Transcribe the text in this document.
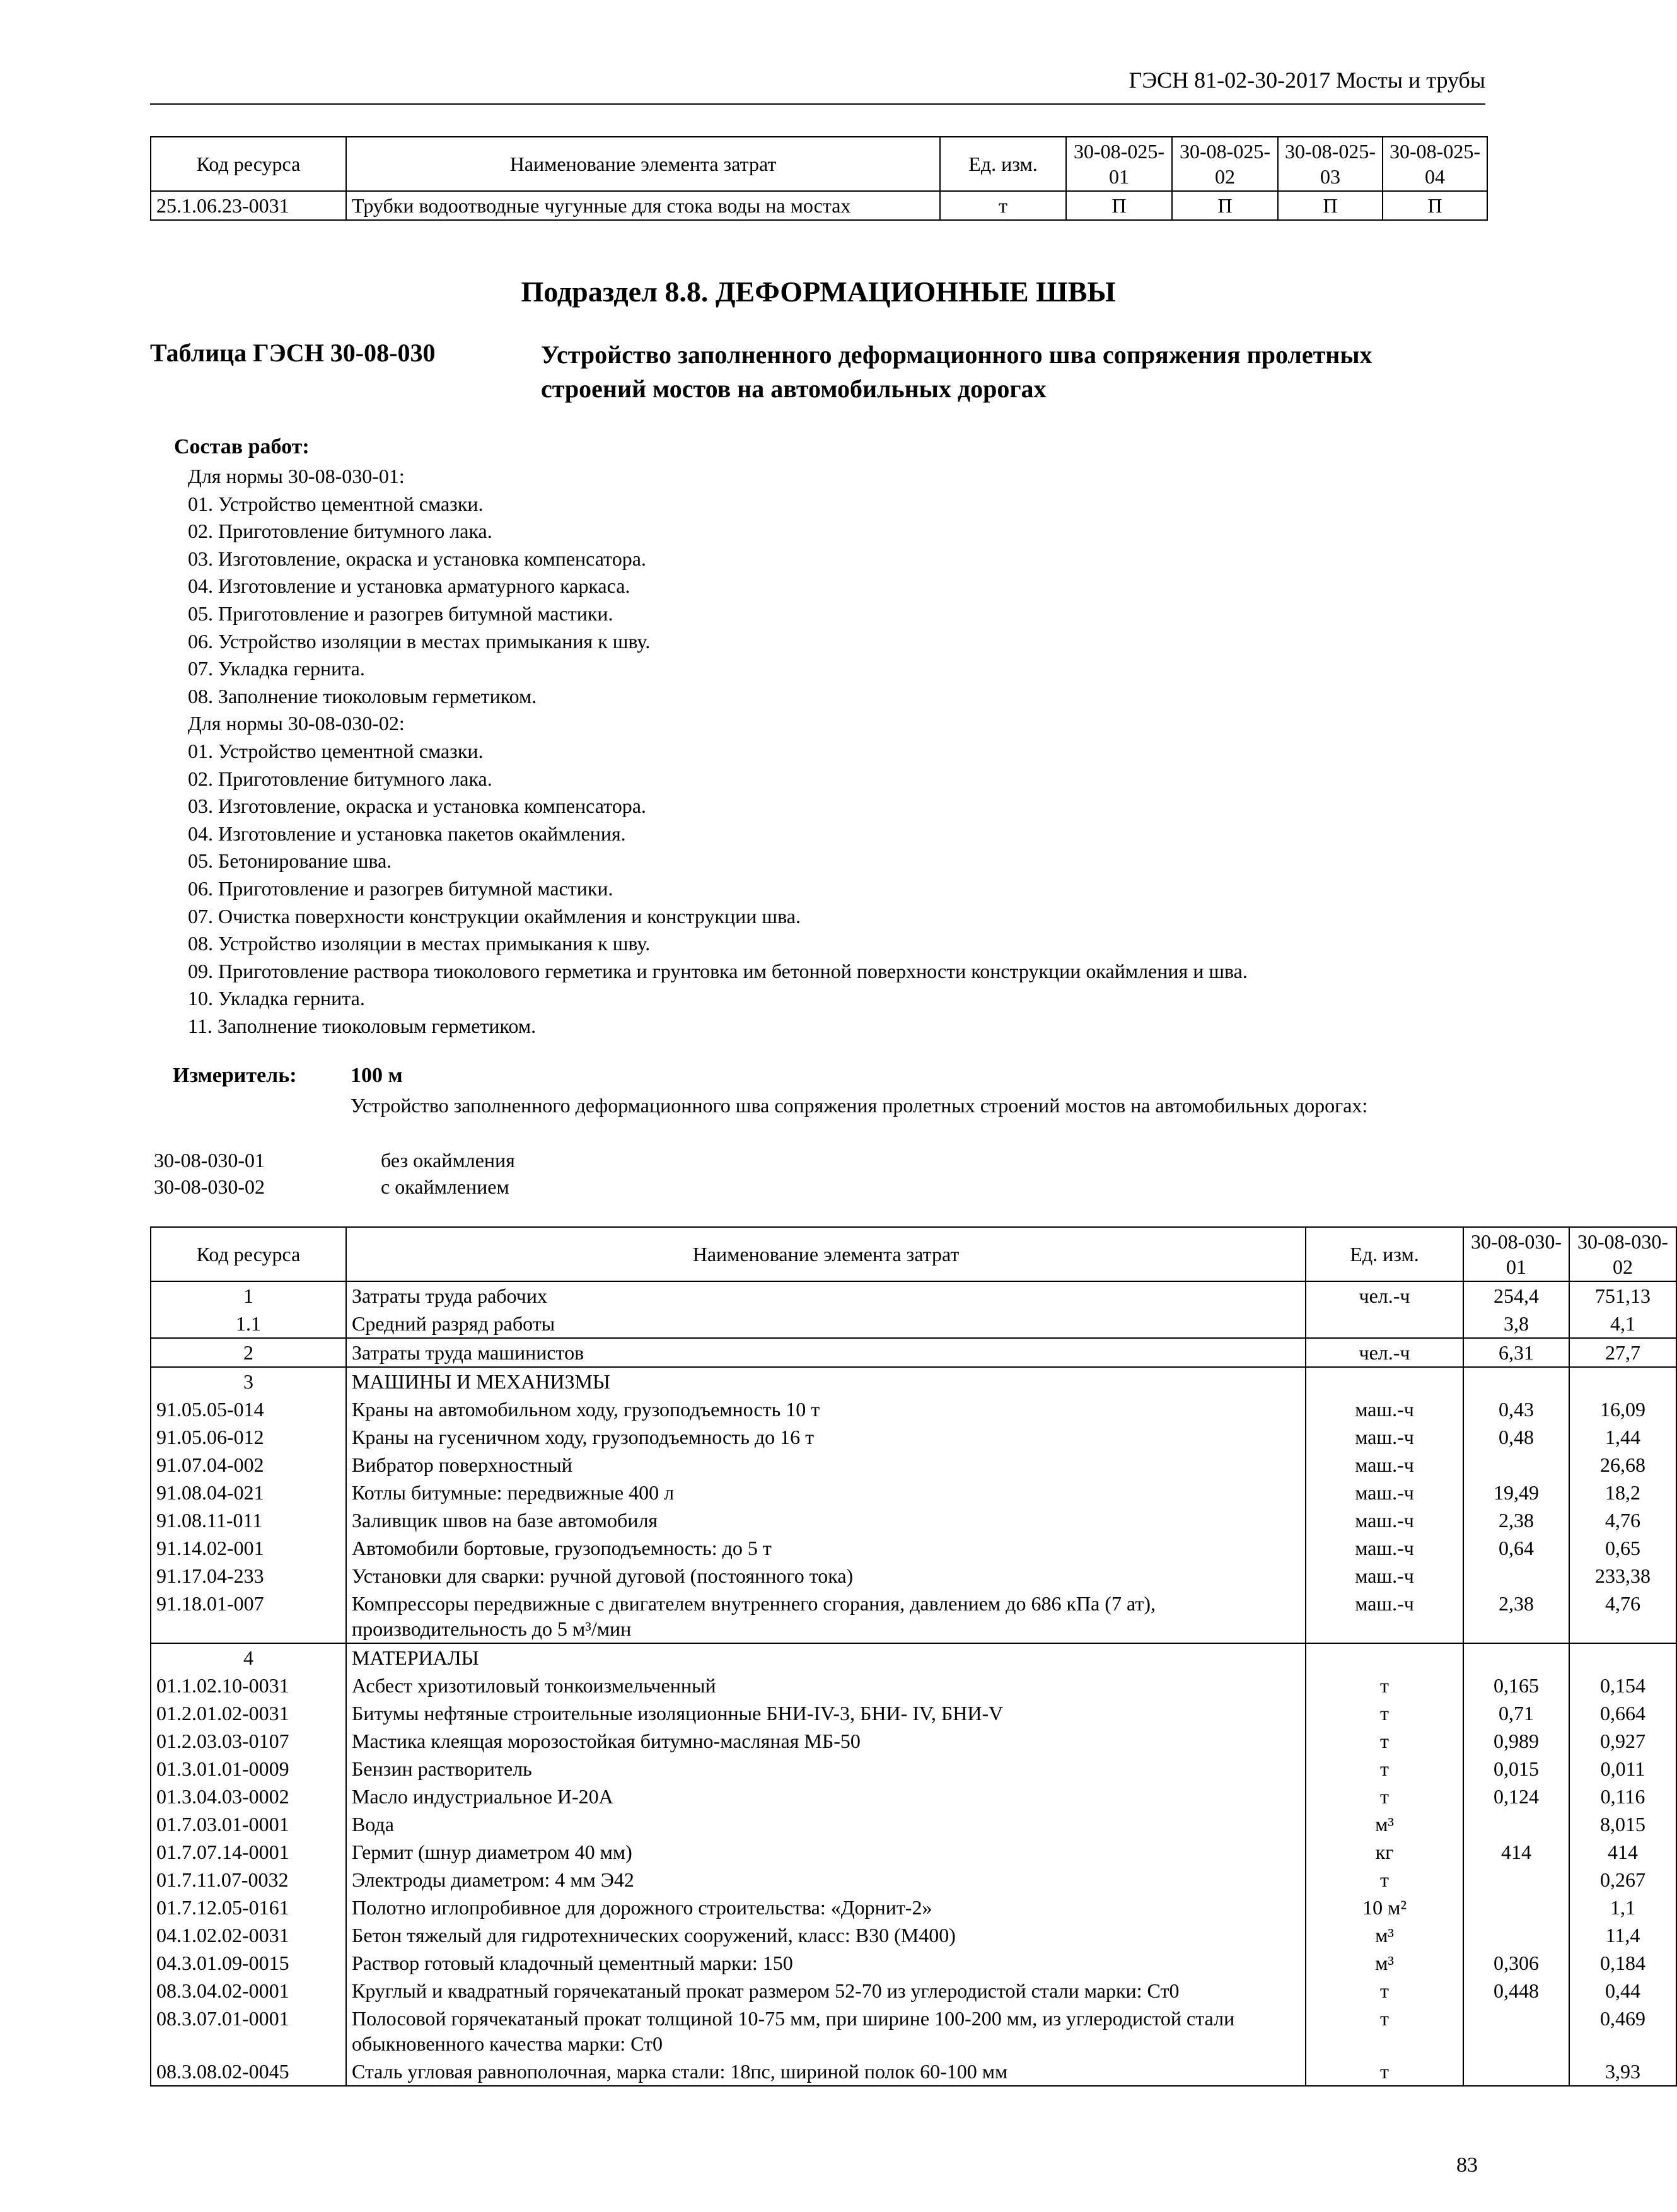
ГЭСН 81-02-30-2017 Мосты и трубы
Код ресурса	Наименование элемента затрат	Ед. изм.	30-08-025-01	30-08-025-02	30-08-025-03	30-08-025-04
25.1.06.23-0031	Трубки водоотводные чугунные для стока воды на мостах	т	П	П	П	П
Подраздел 8.8. ДЕФОРМАЦИОННЫЕ ШВЫ
Таблица ГЭСН 30-08-030	Устройство заполненного деформационного шва сопряжения пролетных строений мостов на автомобильных дорогах
Состав работ:
Для нормы 30-08-030-01:
01. Устройство цементной смазки.
02. Приготовление битумного лака.
03. Изготовление, окраска и установка компенсатора.
04. Изготовление и установка арматурного каркаса.
05. Приготовление и разогрев битумной мастики.
06. Устройство изоляции в местах примыкания к шву.
07. Укладка гернита.
08. Заполнение тиоколовым герметиком.
Для нормы 30-08-030-02:
01. Устройство цементной смазки.
02. Приготовление битумного лака.
03. Изготовление, окраска и установка компенсатора.
04. Изготовление и установка пакетов окаймления.
05. Бетонирование шва.
06. Приготовление и разогрев битумной мастики.
07. Очистка поверхности конструкции окаймления и конструкции шва.
08. Устройство изоляции в местах примыкания к шву.
09. Приготовление раствора тиоколового герметика и грунтовка им бетонной поверхности конструкции окаймления и шва.
10. Укладка гернита.
11. Заполнение тиоколовым герметиком.
Измеритель:	100 м
Устройство заполненного деформационного шва сопряжения пролетных строений мостов на автомобильных дорогах:
30-08-030-01	без окаймления
30-08-030-02	с окаймлением
Код ресурса	Наименование элемента затрат	Ед. изм.	30-08-030-01	30-08-030-02
1	Затраты труда рабочих	чел.-ч	254,4	751,13
1.1	Средний разряд работы		3,8	4,1
2	Затраты труда машинистов	чел.-ч	6,31	27,7
3	МАШИНЫ И МЕХАНИЗМЫ			
91.05.05-014	Краны на автомобильном ходу, грузоподъемность 10 т	маш.-ч	0,43	16,09
91.05.06-012	Краны на гусеничном ходу, грузоподъемность до 16 т	маш.-ч	0,48	1,44
91.07.04-002	Вибратор поверхностный	маш.-ч		26,68
91.08.04-021	Котлы битумные: передвижные 400 л	маш.-ч	19,49	18,2
91.08.11-011	Заливщик швов на базе автомобиля	маш.-ч	2,38	4,76
91.14.02-001	Автомобили бортовые, грузоподъемность: до 5 т	маш.-ч	0,64	0,65
91.17.04-233	Установки для сварки: ручной дуговой (постоянного тока)	маш.-ч		233,38
91.18.01-007	Компрессоры передвижные с двигателем внутреннего сгорания, давлением до 686 кПа (7 ат), производительность до 5 м³/мин	маш.-ч	2,38	4,76
4	МАТЕРИАЛЫ			
01.1.02.10-0031	Асбест хризотиловый тонкоизмельченный	т	0,165	0,154
01.2.01.02-0031	Битумы нефтяные строительные изоляционные БНИ-IV-3, БНИ- IV, БНИ-V	т	0,71	0,664
01.2.03.03-0107	Мастика клеящая морозостойкая битумно-масляная МБ-50	т	0,989	0,927
01.3.01.01-0009	Бензин растворитель	т	0,015	0,011
01.3.04.03-0002	Масло индустриальное И-20А	т	0,124	0,116
01.7.03.01-0001	Вода	м³		8,015
01.7.07.14-0001	Гермит (шнур диаметром 40 мм)	кг	414	414
01.7.11.07-0032	Электроды диаметром: 4 мм Э42	т		0,267
01.7.12.05-0161	Полотно иглопробивное для дорожного строительства: «Дорнит-2»	10 м²		1,1
04.1.02.02-0031	Бетон тяжелый для гидротехнических сооружений, класс: В30 (М400)	м³		11,4
04.3.01.09-0015	Раствор готовый кладочный цементный марки: 150	м³	0,306	0,184
08.3.04.02-0001	Круглый и квадратный горячекатаный прокат размером 52-70 из углеродистой стали марки: Ст0	т	0,448	0,44
08.3.07.01-0001	Полосовой горячекатаный прокат толщиной 10-75 мм, при ширине 100-200 мм, из углеродистой стали обыкновенного качества марки: Ст0	т		0,469
08.3.08.02-0045	Сталь угловая равнополочная, марка стали: 18пс, шириной полок 60-100 мм	т		3,93
83
